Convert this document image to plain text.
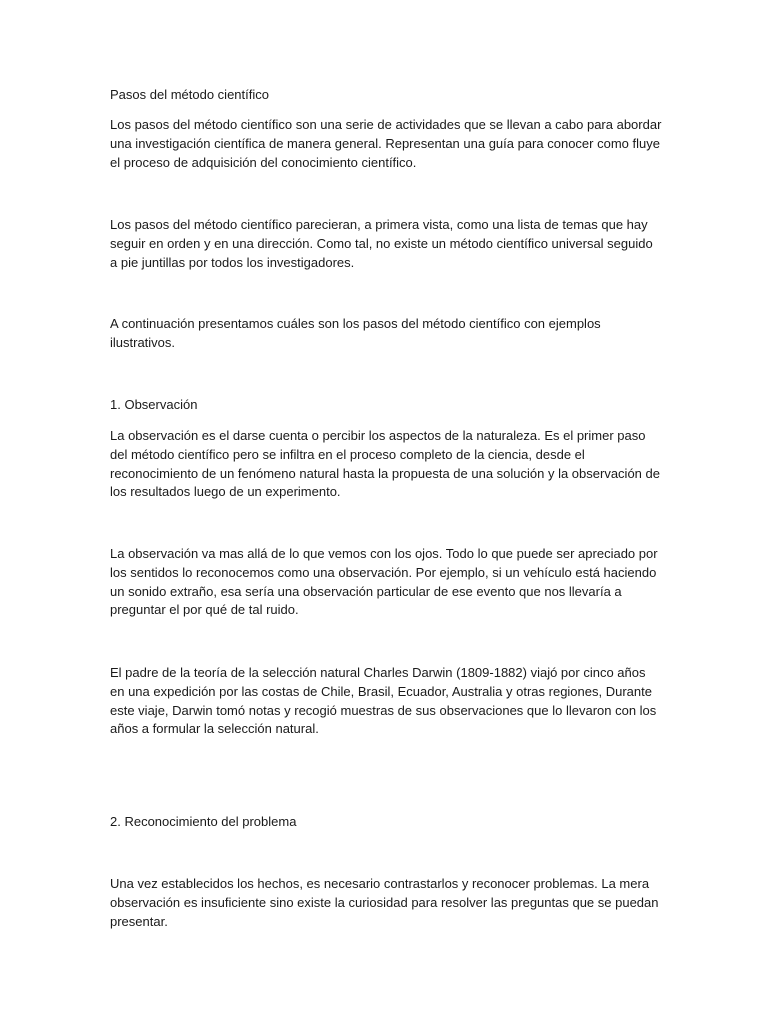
Pasos del método científico

Los pasos del método científico son una serie de actividades que se llevan a cabo para abordar una investigación científica de manera general. Representan una guía para conocer como fluye el proceso de adquisición del conocimiento científico.

Los pasos del método científico parecieran, a primera vista, como una lista de temas que hay seguir en orden y en una dirección. Como tal, no existe un método científico universal seguido a pie juntillas por todos los investigadores.

A continuación presentamos cuáles son los pasos del método científico con ejemplos ilustrativos.

1. Observación

La observación es el darse cuenta o percibir los aspectos de la naturaleza. Es el primer paso del método científico pero se infiltra en el proceso completo de la ciencia, desde el reconocimiento de un fenómeno natural hasta la propuesta de una solución y la observación de los resultados luego de un experimento.

La observación va mas allá de lo que vemos con los ojos. Todo lo que puede ser apreciado por los sentidos lo reconocemos como una observación. Por ejemplo, si un vehículo está haciendo un sonido extraño, esa sería una observación particular de ese evento que nos llevaría a preguntar el por qué de tal ruido.

El padre de la teoría de la selección natural Charles Darwin (1809-1882) viajó por cinco años en una expedición por las costas de Chile, Brasil, Ecuador, Australia y otras regiones, Durante este viaje, Darwin tomó notas y recogió muestras de sus observaciones que lo llevaron con los años a formular la selección natural.

2. Reconocimiento del problema

Una vez establecidos los hechos, es necesario contrastarlos y reconocer problemas. La mera observación es insuficiente sino existe la curiosidad para resolver las preguntas que se puedan presentar.
